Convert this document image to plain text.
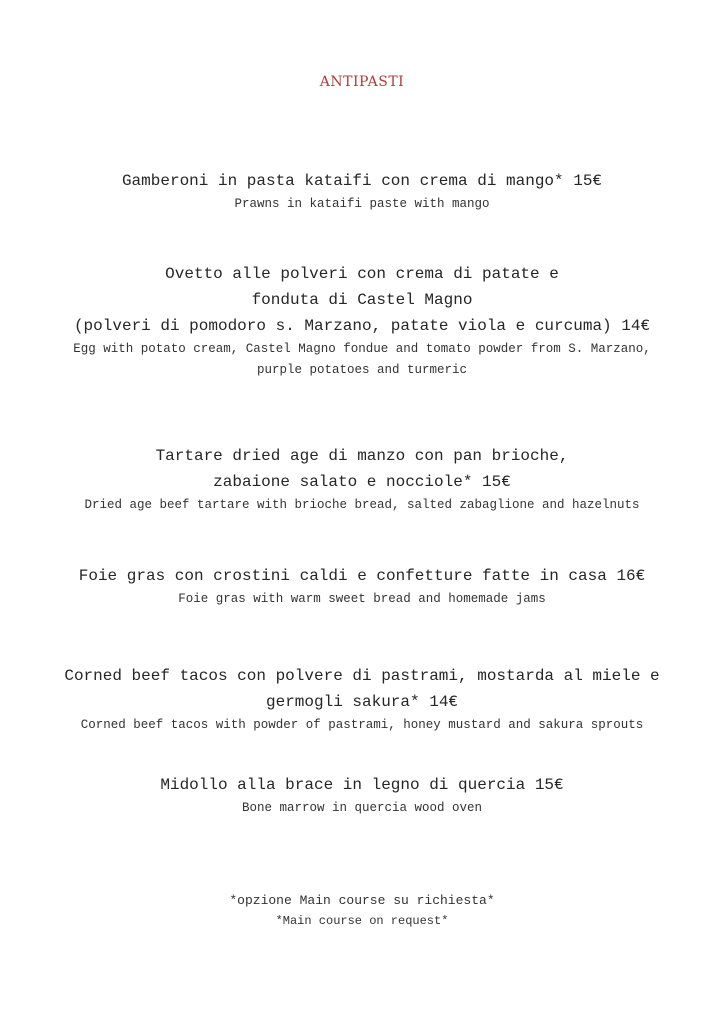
ANTIPASTI
Gamberoni in pasta kataifi con crema di mango* 15€
Prawns in kataifi paste with mango
Ovetto alle polveri con crema di patate e
fonduta di Castel Magno
(polveri di pomodoro s. Marzano, patate viola e curcuma) 14€
Egg with potato cream, Castel Magno fondue and tomato powder from S. Marzano,
purple potatoes and turmeric
Tartare dried age di manzo con pan brioche,
zabaione salato e nocciole* 15€
Dried age beef tartare with brioche bread, salted zabaglione and hazelnuts
Foie gras con crostini caldi e confetture fatte in casa 16€
Foie gras with warm sweet bread and homemade jams
Corned beef tacos con polvere di pastrami, mostarda al miele e
germogli sakura* 14€
Corned beef tacos with powder of pastrami, honey mustard and sakura sprouts
Midollo alla brace in legno di quercia 15€
Bone marrow in quercia wood oven
*opzione Main course su richiesta*
*Main course on request*
